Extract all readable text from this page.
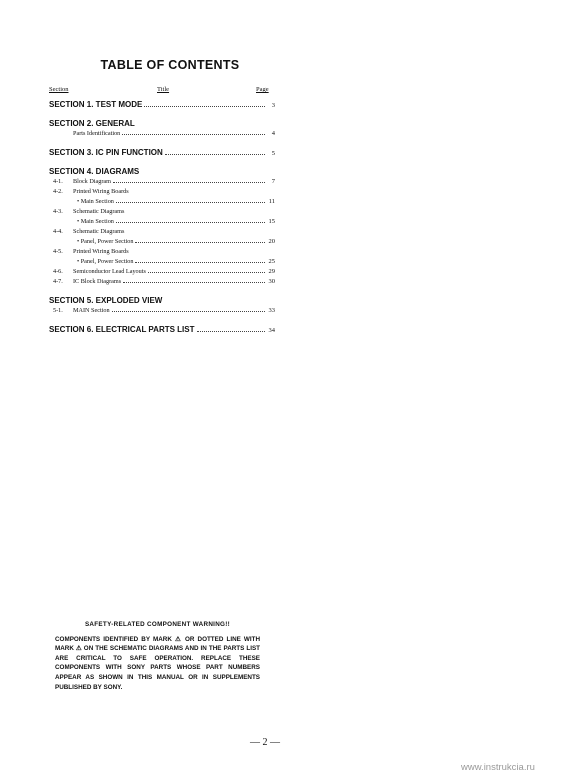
TABLE OF CONTENTS
Section	Title	Page
SECTION 1. TEST MODE	3
SECTION 2. GENERAL
Parts Identification	4
SECTION 3. IC PIN FUNCTION	5
SECTION 4. DIAGRAMS
4-1.	Block Diagram	7
4-2.	Printed Wiring Boards
• Main Section	11
4-3.	Schematic Diagrams
• Main Section	15
4-4.	Schematic Diagrams
• Panel, Power Section	20
4-5.	Printed Wiring Boards
• Panel, Power Section	25
4-6.	Semiconductor Lead Layouts	29
4-7.	IC Block Diagrams	30
SECTION 5. EXPLODED VIEW
5-1.	MAIN Section	33
SECTION 6. ELECTRICAL PARTS LIST	34
SAFETY-RELATED COMPONENT WARNING!!
COMPONENTS IDENTIFIED BY MARK ⚠ OR DOTTED LINE WITH MARK ⚠ ON THE SCHEMATIC DIAGRAMS AND IN THE PARTS LIST ARE CRITICAL TO SAFE OPERATION. REPLACE THESE COMPONENTS WITH SONY PARTS WHOSE PART NUMBERS APPEAR AS SHOWN IN THIS MANUAL OR IN SUPPLEMENTS PUBLISHED BY SONY.
— 2 —
www.instrukcia.ru
